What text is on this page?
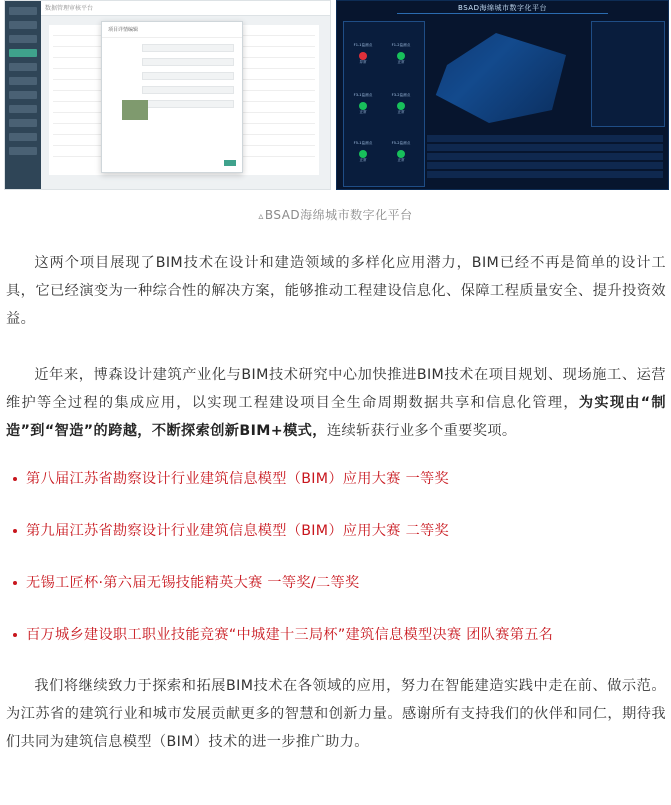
数据管理审核平台
项目详情编辑
BSAD海绵城市数字化平台
F1-1监测点
异常
F1-2监测点
正常
F3-1监测点
正常
F3-2监测点
正常
F5-1监测点
正常
F5-2监测点
正常
▵BSAD海绵城市数字化平台

这两个项目展现了BIM技术在设计和建造领域的多样化应用潜力，BIM已经不再是简单的设计工具，它已经演变为一种综合性的解决方案，能够推动工程建设信息化、保障工程质量安全、提升投资效益。

近年来，博森设计建筑产业化与BIM技术研究中心加快推进BIM技术在项目规划、现场施工、运营维护等全过程的集成应用，以实现工程建设项目全生命周期数据共享和信息化管理，为实现由“制造”到“智造”的跨越，不断探索创新BIM+模式，连续斩获行业多个重要奖项。

第八届江苏省勘察设计行业建筑信息模型（BIM）应用大赛 一等奖
第九届江苏省勘察设计行业建筑信息模型（BIM）应用大赛 二等奖
无锡工匠杯·第六届无锡技能精英大赛 一等奖/二等奖
百万城乡建设职工职业技能竞赛“中城建十三局杯”建筑信息模型决赛 团队赛第五名

我们将继续致力于探索和拓展BIM技术在各领域的应用，努力在智能建造实践中走在前、做示范。为江苏省的建筑行业和城市发展贡献更多的智慧和创新力量。感谢所有支持我们的伙伴和同仁，期待我们共同为建筑信息模型（BIM）技术的进一步推广助力。
